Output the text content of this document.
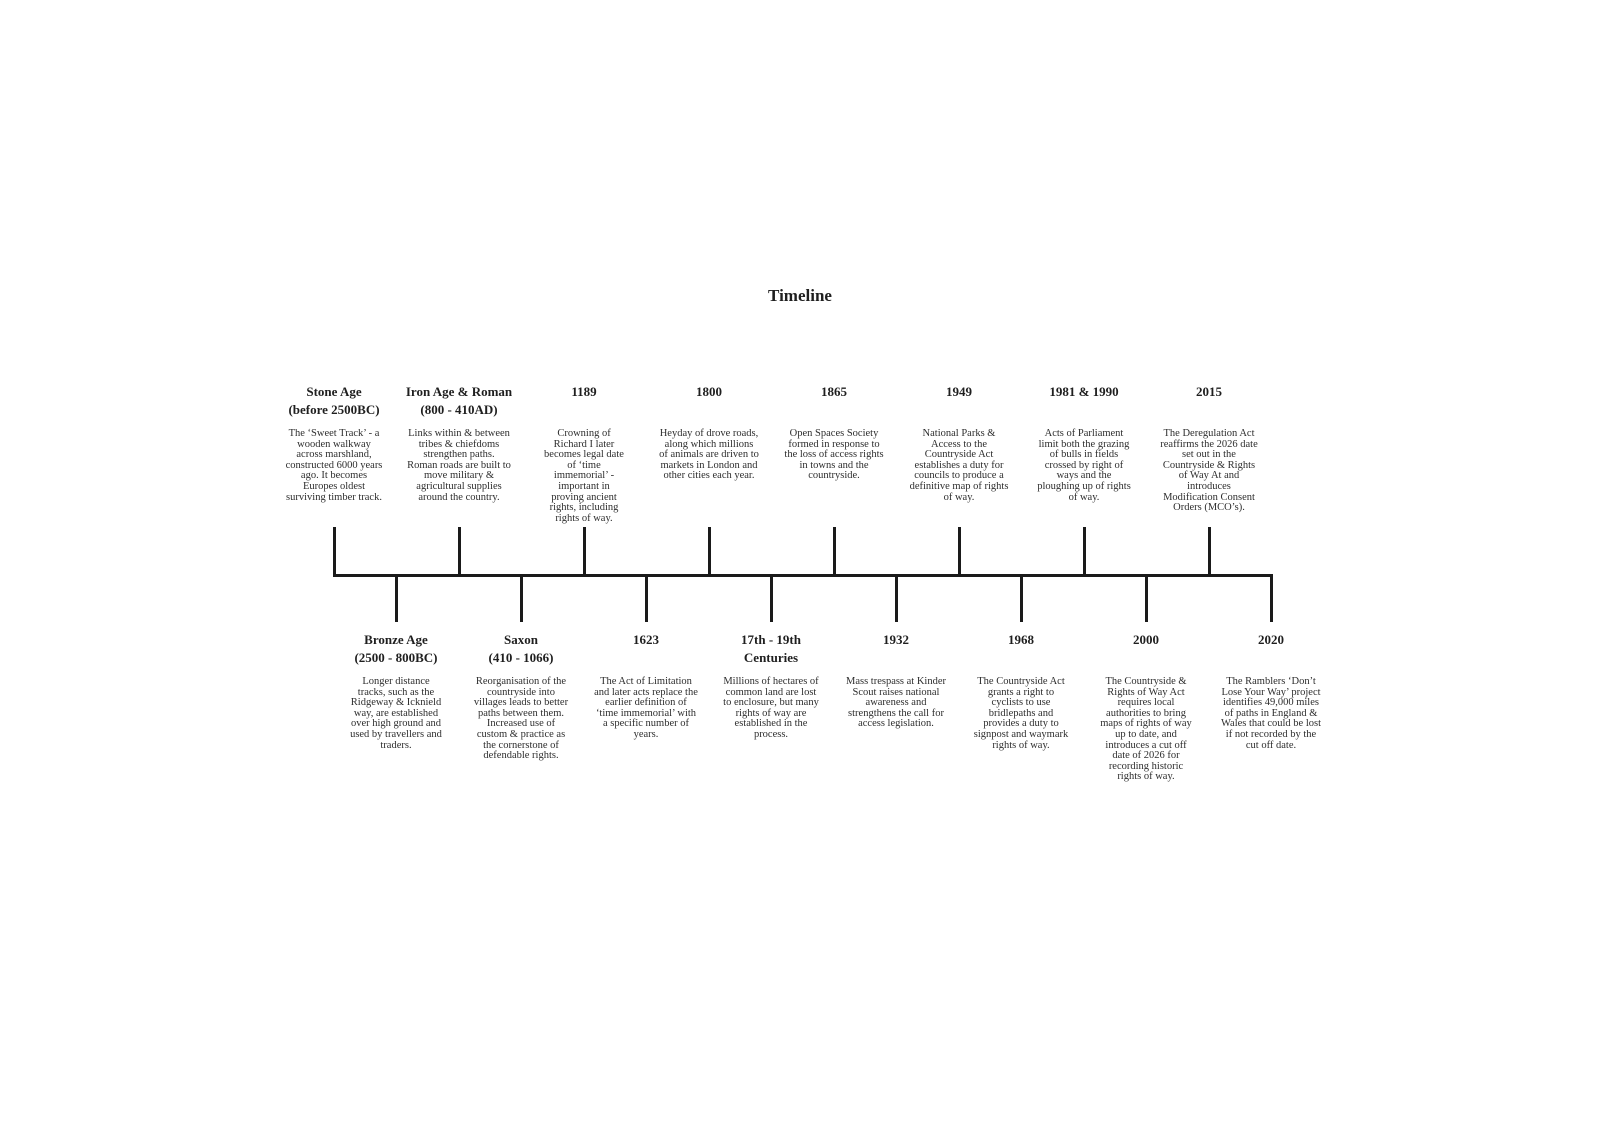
Timeline
Stone Age
(before 2500BC)
The ‘Sweet Track’ - a wooden walkway across marshland, constructed 6000 years ago. It becomes Europes oldest surviving timber track.
Iron Age & Roman
(800 - 410AD)
Links within & between tribes & chiefdoms strengthen paths. Roman roads are built to move military & agricultural supplies around the country.
1189
Crowning of Richard I later becomes legal date of ‘time immemorial’ - important in proving ancient rights, including rights of way.
1800
Heyday of drove roads, along which millions of animals are driven to markets in London and other cities each year.
1865
Open Spaces Society formed in response to the loss of access rights in towns and the countryside.
1949
National Parks & Access to the Countryside Act establishes a duty for councils to produce a definitive map of rights of way.
1981 & 1990
Acts of Parliament limit both the grazing of bulls in fields crossed by right of ways and the ploughing up of rights of way.
2015
The Deregulation Act reaffirms the 2026 date set out in the Countryside & Rights of Way At and introduces Modification Consent Orders (MCO’s).
Bronze Age
(2500 - 800BC)
Longer distance tracks, such as the Ridgeway & Icknield way, are established over high ground and used by travellers and traders.
Saxon
(410 - 1066)
Reorganisation of the countryside into villages leads to better paths between them. Increased use of custom & practice as the cornerstone of defendable rights.
1623
The Act of Limitation and later acts replace the earlier definition of ‘time immemorial’ with a specific number of years.
17th - 19th
Centuries
Millions of hectares of common land are lost to enclosure, but many rights of way are established in the process.
1932
Mass trespass at Kinder Scout raises national awareness and strengthens the call for access legislation.
1968
The Countryside Act grants a right to cyclists to use bridlepaths and provides a duty to signpost and waymark rights of way.
2000
The Countryside & Rights of Way Act requires local authorities to bring maps of rights of way up to date, and introduces a cut off date of 2026 for recording historic rights of way.
2020
The Ramblers ‘Don’t Lose Your Way’ project identifies 49,000 miles of paths in England & Wales that could be lost if not recorded by the cut off date.
